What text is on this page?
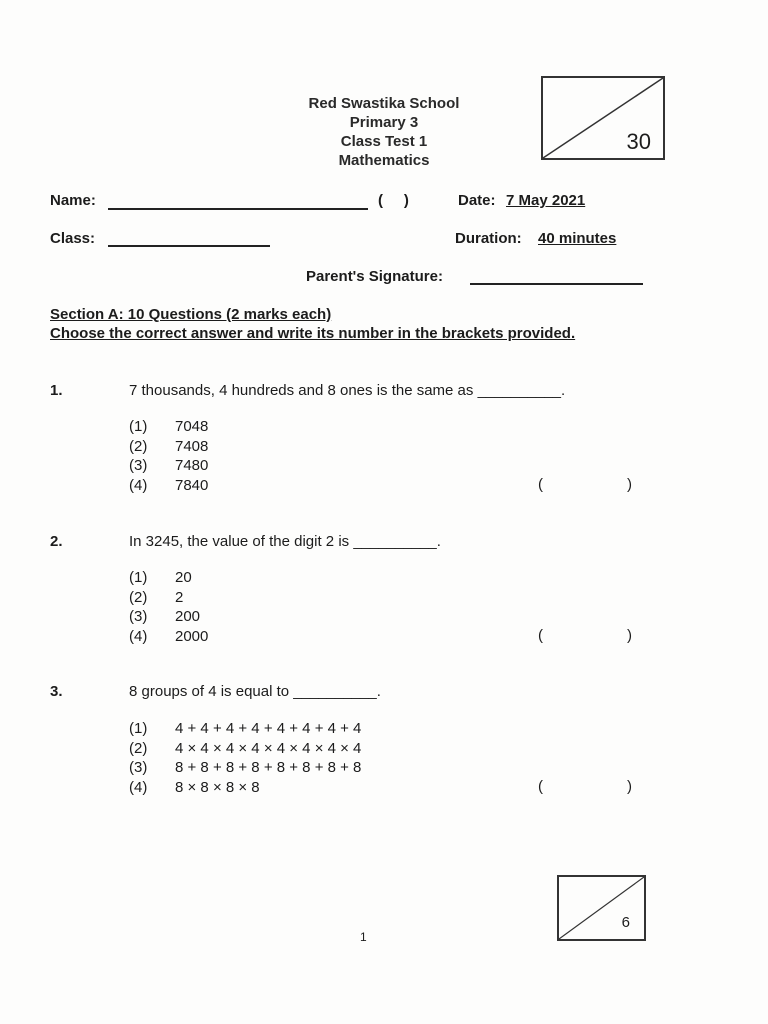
Red Swastika School
Primary 3
Class Test 1
Mathematics
30
Name:	(     )	Date: 7 May 2021
Class:	Duration: 40 minutes
Parent's Signature:
Section A: 10 Questions (2 marks each)
Choose the correct answer and write its number in the brackets provided.
1.	7 thousands, 4 hundreds and 8 ones is the same as __________.
(1) 7048
(2) 7408
(3) 7480
(4) 7840	(	)
2.	In 3245, the value of the digit 2 is __________.
(1) 20
(2) 2
(3) 200
(4) 2000	(	)
3.	8 groups of 4 is equal to __________.
(1) 4 + 4 + 4 + 4 + 4 + 4 + 4 + 4
(2) 4 × 4 × 4 × 4 × 4 × 4 × 4 × 4
(3) 8 + 8 + 8 + 8 + 8 + 8 + 8 + 8
(4) 8 × 8 × 8 × 8	(	)
6
1
